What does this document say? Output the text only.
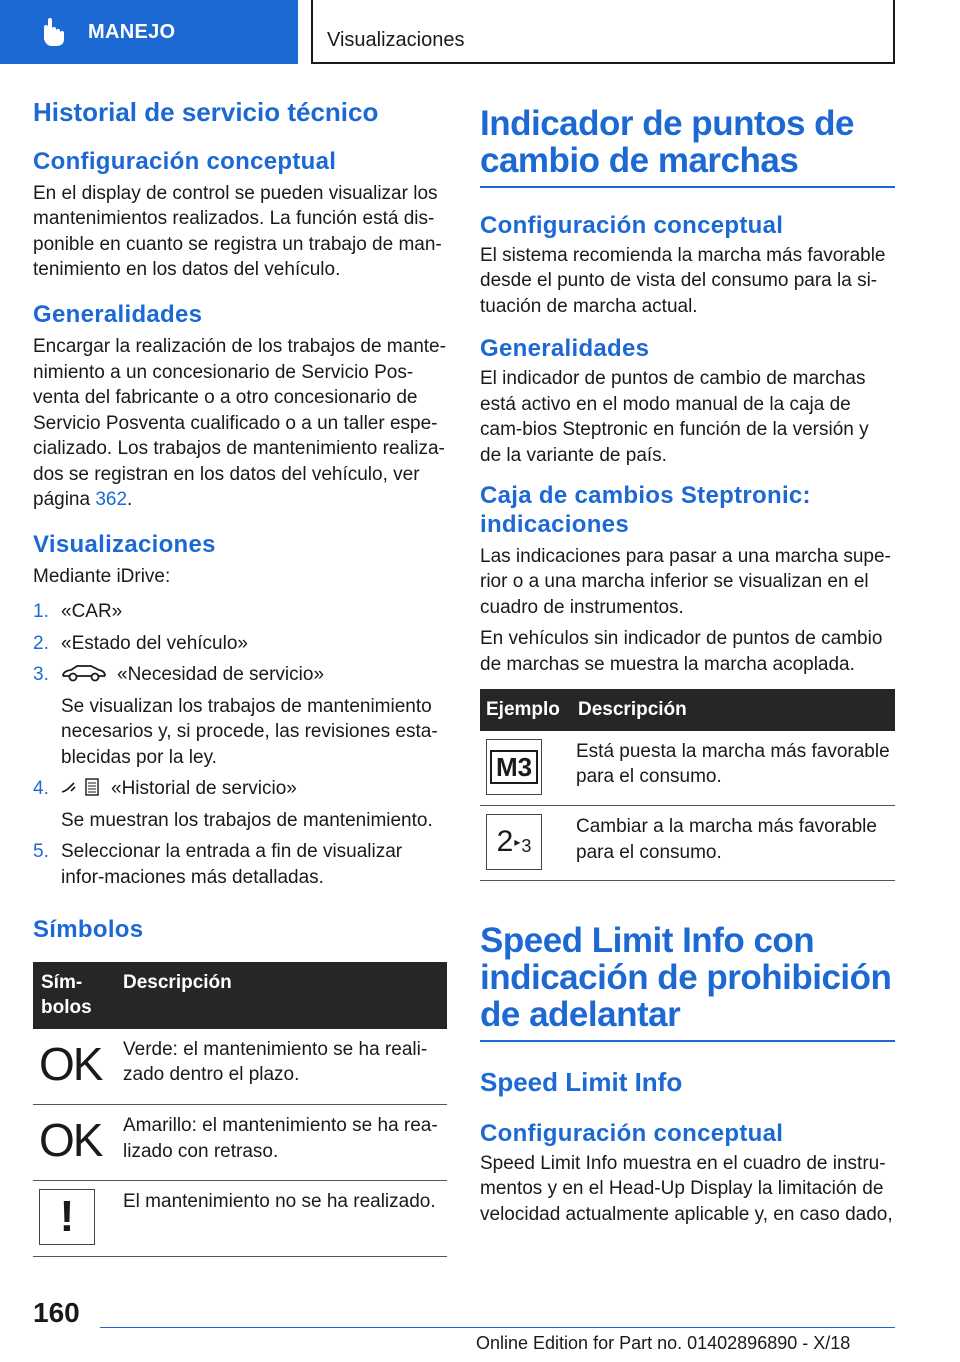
MANEJO	Visualizaciones
Historial de servicio técnico
Configuración conceptual

En el display de control se pueden visualizar los mantenimientos realizados. La función está dis‐ponible en cuanto se registra un trabajo de man‐tenimiento en los datos del vehículo.

Generalidades

Encargar la realización de los trabajos de mante‐nimiento a un concesionario de Servicio Pos‐venta del fabricante o a otro concesionario de Servicio Posventa cualificado o a un taller espe‐cializado. Los trabajos de mantenimiento realiza‐dos se registran en los datos del vehículo, ver página 362.

Visualizaciones

Mediante iDrive:

1. «CAR»
2. «Estado del vehículo»
3.	«Necesidad de servicio»
Se visualizan los trabajos de mantenimiento necesarios y, si procede, las revisiones esta‐blecidas por la ley.
4.	«Historial de servicio»
Se muestran los trabajos de mantenimiento.
5. Seleccionar la entrada a fin de visualizar infor‐maciones más detalladas.
Símbolos
Sím‐bolos	Descripción
OK	Verde: el mantenimiento se ha reali‐zado dentro el plazo.
OK	Amarillo: el mantenimiento se ha rea‐lizado con retraso.

!	El mantenimiento no se ha realizado.
Indicador de puntos de cambio de marchas
Configuración conceptual

El sistema recomienda la marcha más favorable desde el punto de vista del consumo para la si‐tuación de marcha actual.

Generalidades

El indicador de puntos de cambio de marchas está activo en el modo manual de la caja de cam‐bios Steptronic en función de la versión y de la variante de país.

Caja de cambios Steptronic: indicaciones

Las indicaciones para pasar a una marcha supe‐rior o a una marcha inferior se visualizan en el cuadro de instrumentos.

En vehículos sin indicador de puntos de cambio de marchas se muestra la marcha acoplada.

Ejemplo	Descripción

M3	Está puesta la marcha más favorable para el consumo.

2 ▸ 3	Cambiar a la marcha más favorable para el consumo.
Speed Limit Info con indicación de prohibición de adelantar
Speed Limit Info
Configuración conceptual

Speed Limit Info muestra en el cuadro de instru‐mentos y en el Head-Up Display la limitación de velocidad actualmente aplicable y, en caso dado,

160
Online Edition for Part no. 01402896890 - X/18
